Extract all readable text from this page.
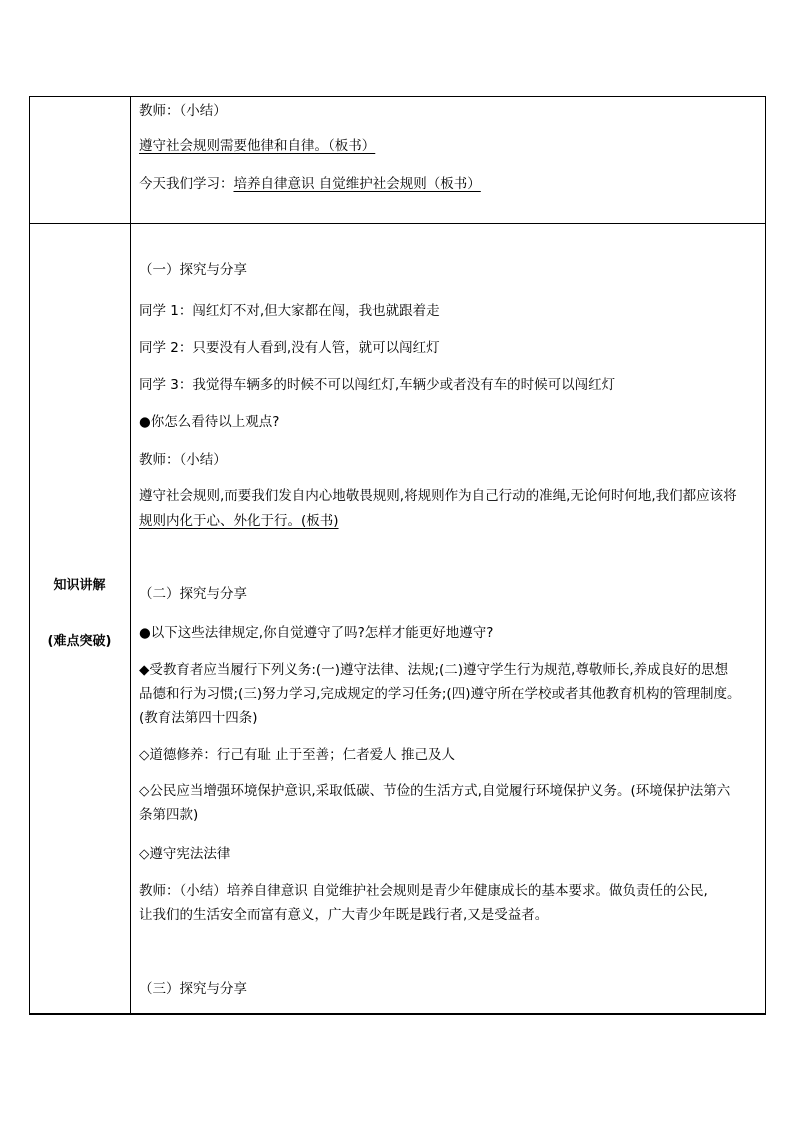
教师：（小结）
遵守社会规则需要他律和自律。（板书）
今天我们学习：培养自律意识 自觉维护社会规则（板书）
知识讲解
(难点突破)
（一）探究与分享
同学 1：闯红灯不对,但大家都在闯，我也就跟着走
同学 2：只要没有人看到,没有人管，就可以闯红灯
同学 3：我觉得车辆多的时候不可以闯红灯,车辆少或者没有车的时候可以闯红灯
●你怎么看待以上观点?
教师：（小结）
遵守社会规则,而要我们发自内心地敬畏规则,将规则作为自己行动的准绳,无论何时何地,我们都应该将
规则内化于心、外化于行。(板书)
（二）探究与分享
●以下这些法律规定,你自觉遵守了吗?怎样才能更好地遵守?
◆受教育者应当履行下列义务:(一)遵守法律、法规;(二)遵守学生行为规范,尊敬师长,养成良好的思想
品德和行为习惯;(三)努力学习,完成规定的学习任务;(四)遵守所在学校或者其他教育机构的管理制度。
(教育法第四十四条)
◇道德修养：行己有耻 止于至善；仁者爱人 推己及人
◇公民应当增强环境保护意识,采取低碳、节俭的生活方式,自觉履行环境保护义务。(环境保护法第六
条第四款)
◇遵守宪法法律
教师：（小结）培养自律意识 自觉维护社会规则是青少年健康成长的基本要求。做负责任的公民,
让我们的生活安全而富有意义，广大青少年既是践行者,又是受益者。
（三）探究与分享
